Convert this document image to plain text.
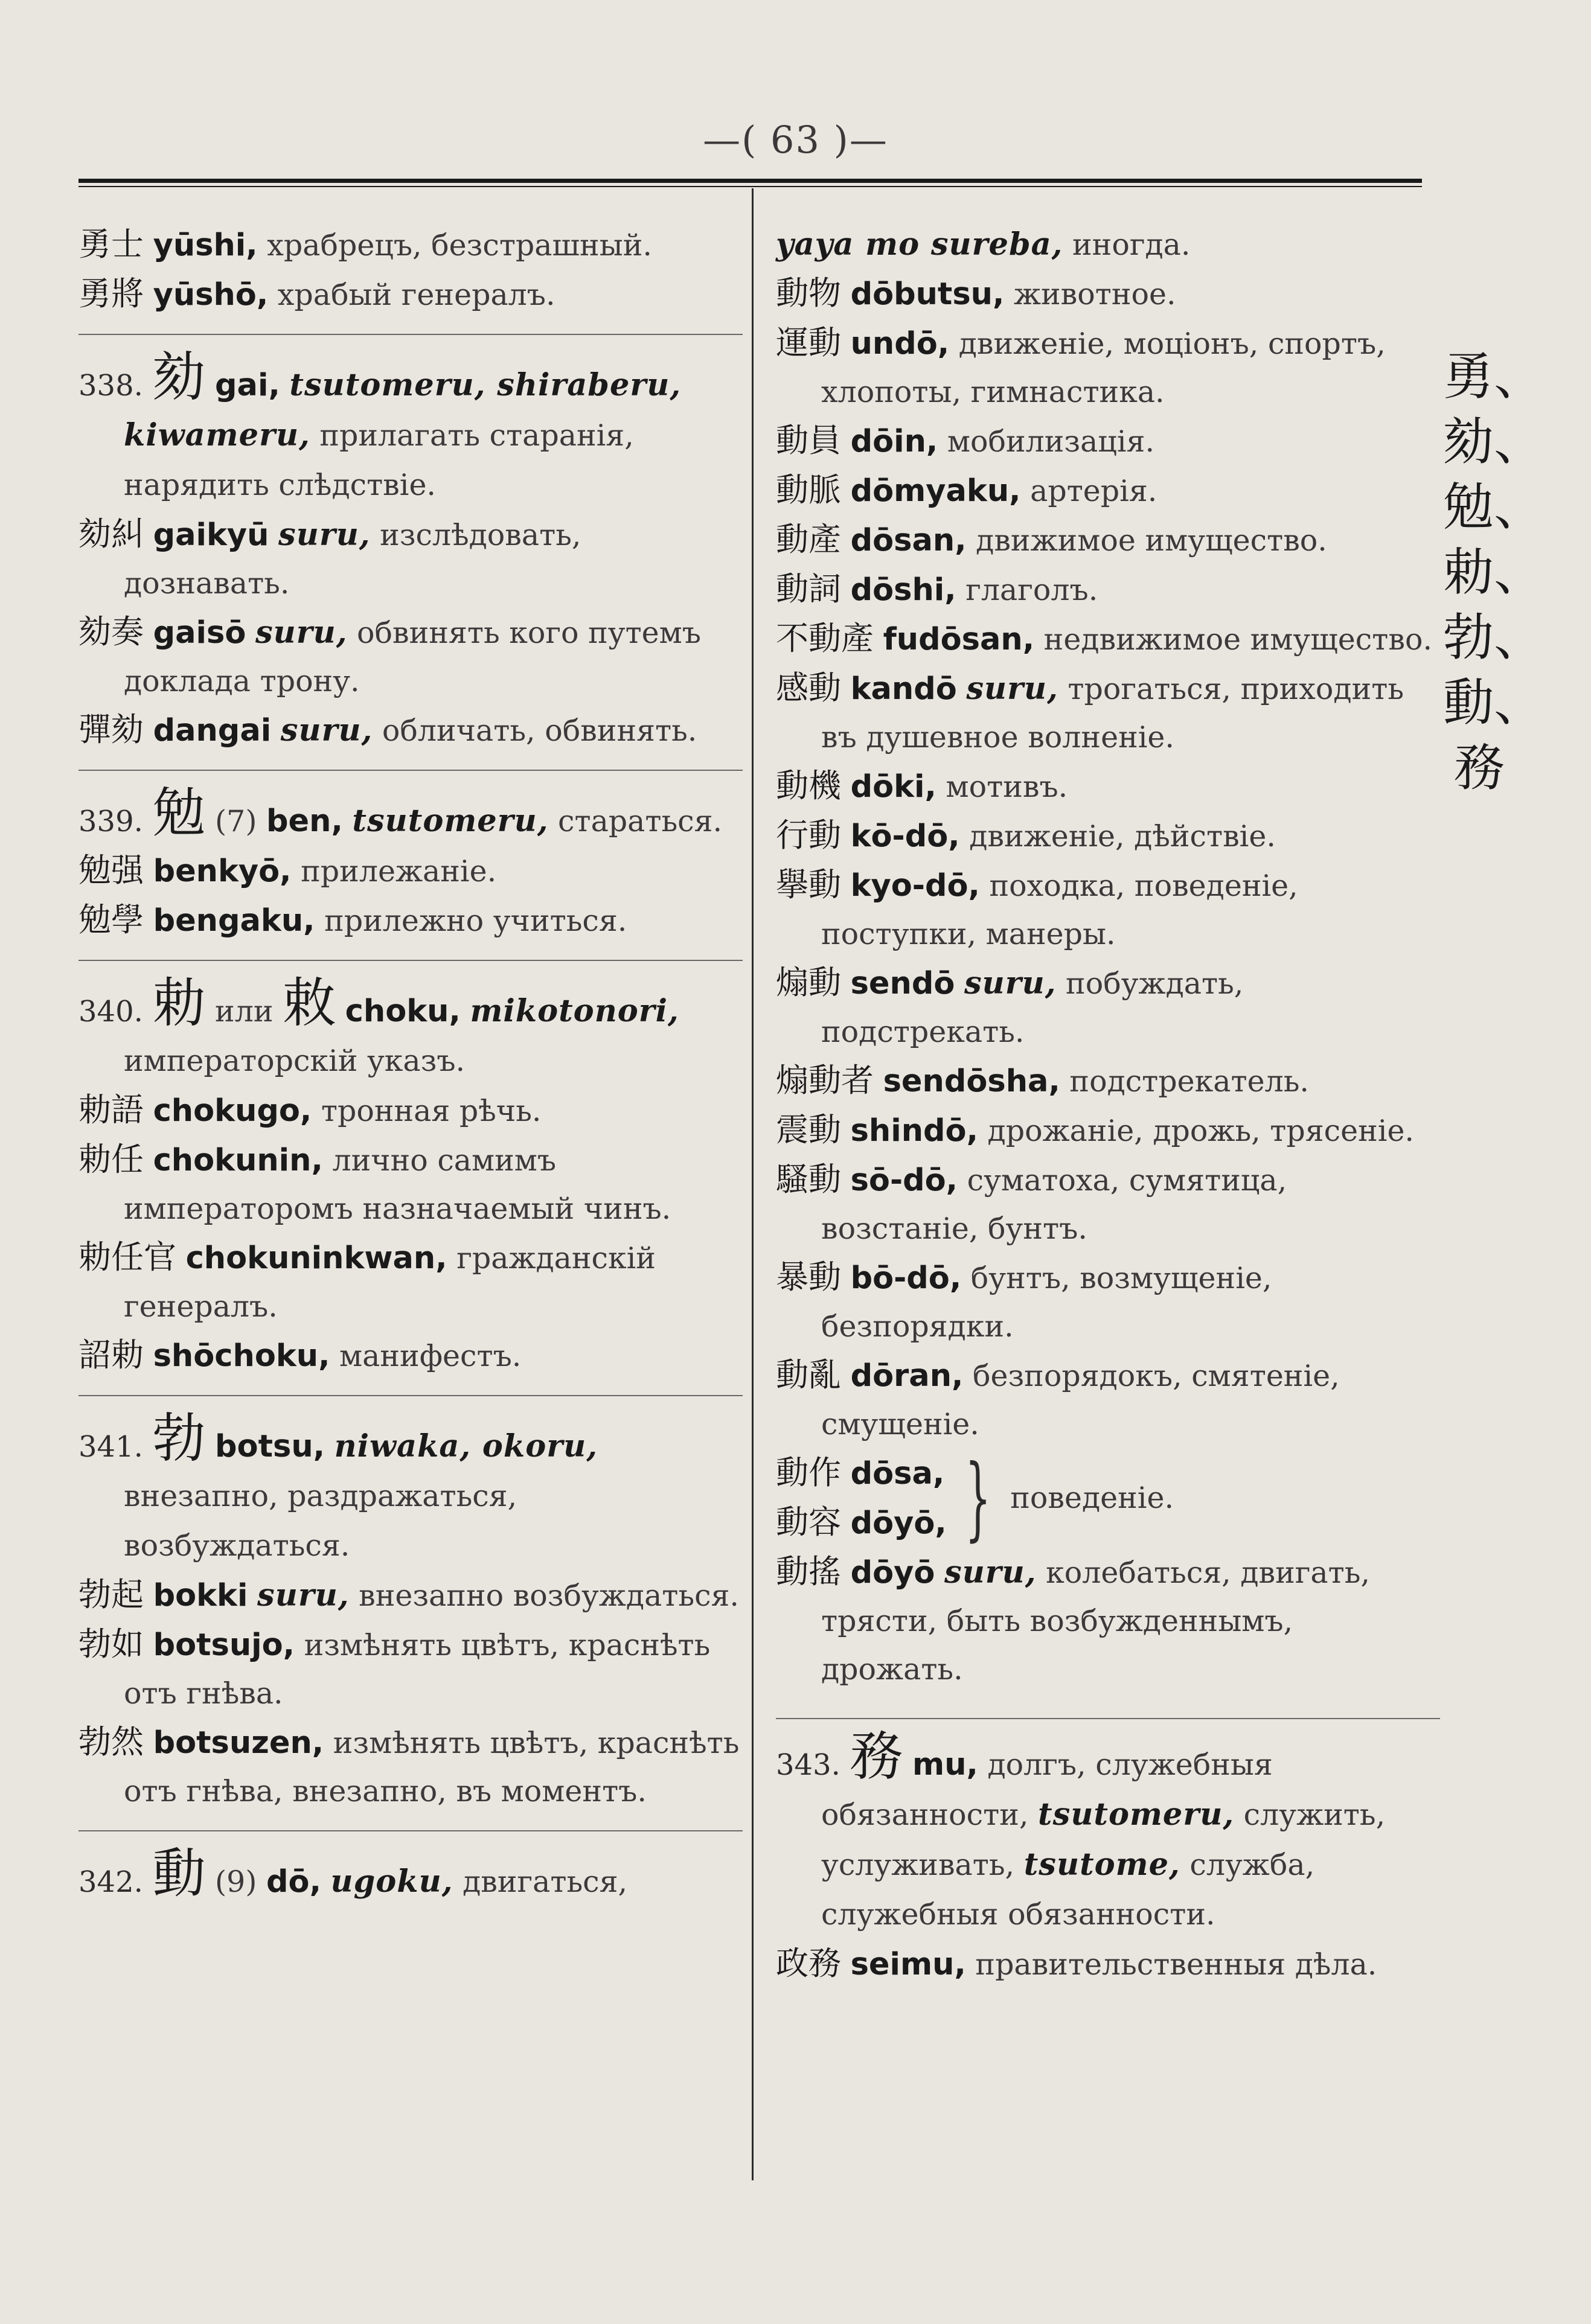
—( 63 )—

勇士 yūshi, храбрецъ, безстрашный.

勇將 yūshō, храбый генералъ.

338. 劾 gai, tsutomeru, shiraberu, kiwameru, прилагать старанія, нарядить слѣдствіе.

劾糾 gaikyū suru, изслѣдовать, дознавать.

劾奏 gaisō suru, обвинять кого путемъ доклада трону.

彈劾 dangai suru, обличать, обвинять.

339. 勉 (7) ben, tsutomeru, стараться.

勉强 benkyō, прилежаніе.

勉學 bengaku, прилежно учиться.

340. 勅 или 敕 choku, mikotonori, императорскій указъ.

勅語 chokugo, тронная рѣчь.

勅任 chokunin, лично самимъ императоромъ назначаемый чинъ.

勅任官 chokuninkwan, гражданскій генералъ.

詔勅 shōchoku, манифестъ.

341. 勃 botsu, niwaka, okoru, внезапно, раздражаться, возбуждаться.

勃起 bokki suru, внезапно возбуждаться.

勃如 botsujo, измѣнять цвѣтъ, краснѣть отъ гнѣва.

勃然 botsuzen, измѣнять цвѣтъ, краснѣть отъ гнѣва, внезапно, въ моментъ.

342. 動 (9) dō, ugoku, двигаться,

yaya mo sureba, иногда.

動物 dōbutsu, животное.

運動 undō, движеніе, моціонъ, спортъ, хлопоты, гимнастика.

動員 dōin, мобилизація.

動脈 dōmyaku, артерія.

動產 dōsan, движимое имущество.

動詞 dōshi, глаголъ.

不動產 fudōsan, недвижимое имущество.

感動 kandō suru, трогаться, приходить въ душевное волненіе.

動機 dōki, мотивъ.

行動 kō-dō, движеніе, дѣйствіе.

擧動 kyo-dō, походка, поведеніе, поступки, манеры.

煽動 sendō suru, побуждать, подстрекать.

煽動者 sendōsha, подстрекатель.

震動 shindō, дрожаніе, дрожь, трясеніе.

騷動 sō-dō, суматоха, сумятица, возстаніе, бунтъ.

暴動 bō-dō, бунтъ, возмущеніе, безпорядки.

動亂 dōran, безпорядокъ, смятеніе, смущеніе.

動作 dōsa,
動容 dōyō, } поведеніе.

動搖 dōyō suru, колебаться, двигать, трясти, быть возбужденнымъ, дрожать.

343. 務 mu, долгъ, служебныя обязанности, tsutomeru, служить, услуживать, tsutome, служба, служебныя обязанности.

政務 seimu, правительственныя дѣла.

勇、
劾、
勉、
勅、
勃、
動、
務
